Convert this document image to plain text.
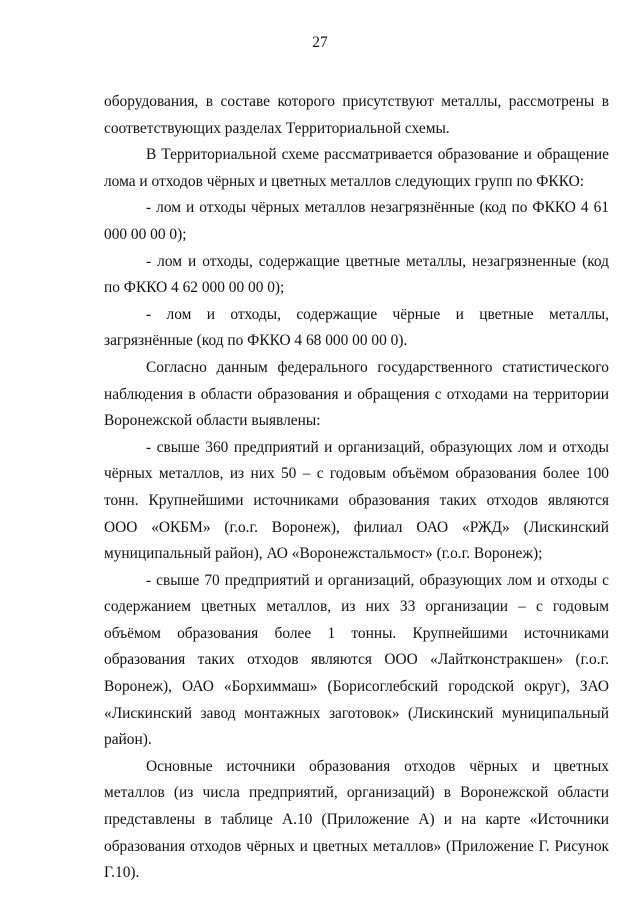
27

оборудования, в составе которого присутствуют металлы, рассмотрены в соответствующих разделах Территориальной схемы.

В Территориальной схеме рассматривается образование и обращение лома и отходов чёрных и цветных металлов следующих групп по ФККО:

- лом и отходы чёрных металлов незагрязнённые (код по ФККО 4 61 000 00 00 0);

- лом и отходы, содержащие цветные металлы, незагрязненные (код по ФККО 4 62 000 00 00 0);

- лом и отходы, содержащие чёрные и цветные металлы, загрязнённые (код по ФККО 4 68 000 00 00 0).

Согласно данным федерального государственного статистического наблюдения в области образования и обращения с отходами на территории Воронежской области выявлены:

- свыше 360 предприятий и организаций, образующих лом и отходы чёрных металлов, из них 50 – с годовым объёмом образования более 100 тонн. Крупнейшими источниками образования таких отходов являются ООО «ОКБМ» (г.о.г. Воронеж), филиал ОАО «РЖД» (Лискинский муниципальный район), АО «Воронежстальмост» (г.о.г. Воронеж);

- свыше 70 предприятий и организаций, образующих лом и отходы с содержанием цветных металлов, из них 33 организации – с годовым объёмом образования более 1 тонны. Крупнейшими источниками образования таких отходов являются ООО «Лайтконстракшен» (г.о.г. Воронеж), ОАО «Борхиммаш» (Борисоглебский городской округ), ЗАО «Лискинский завод монтажных заготовок» (Лискинский муниципальный район).

Основные источники образования отходов чёрных и цветных металлов (из числа предприятий, организаций) в Воронежской области представлены в таблице А.10 (Приложение А) и на карте «Источники образования отходов чёрных и цветных металлов» (Приложение Г. Рисунок Г.10).
